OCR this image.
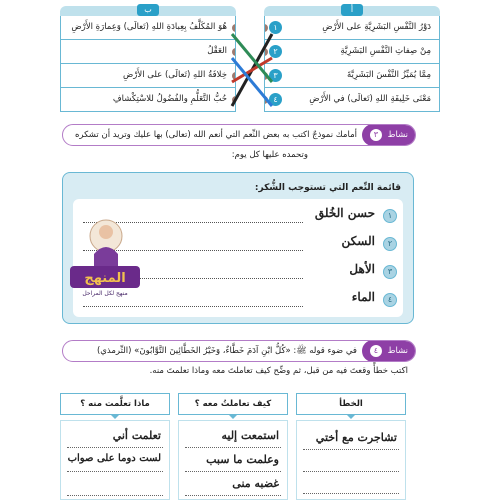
أ
دَوْرُ النَّفْسِ البَشَرِيَّةِ على الأَرْضِ
١
مِنْ صِفاتِ النَّفْسِ البَشَرِيَّةِ
٢
مِمَّا يُمَيِّزُ النَّفْسَ البَشَرِيَّةَ
٣
مَعْنَى خَلِيفَةِ اللهِ (تَعالَى) في الأَرْضِ
٤
ب
هُوَ المُكَلَّفُ بِعِبادَةِ اللهِ (تَعالَى) وَعِمارَةِ الأَرْضِ
العَقْلُ
خِلافَةُ اللهِ (تَعالَى) على الأَرْضِ
حُبُّ التَّعَلُّمِ والفُضُولُ للاسْتِكْشافِ
نشاط ٣
أمامك نموذجٌ اكتب به بعض النِّعم التي أنعم الله (تعالى) بها عليك وتريد أن تشكره
وتحمده عليها كل يوم:
قائمة النِّعم التي تستوجب الشُّكر:
١
حسن الخُلق
٢
السكن
٣
الأهل
٤
الماء
المنهج
منهج لكل المراحل
نشاط ٤
في ضوء قوله ﷺ: «كُلُّ ابْنِ آدَمَ خَطَّاءٌ، وَخَيْرُ الخَطَّائِينَ التَّوَّابُونَ» (التِّرمذي)
اكتب خطأً وقعتَ فيه من قبل، ثم وضِّح كيف تعاملتَ معه وماذا تعلمتَ منه.
الخطأ
كيف تعاملتُ معه ؟
ماذا تعلَّمت منه ؟
تشاجرت مع أختي
استمعت إليه
وعلمت ما سبب
غضبه منى
تعلمت أني
لست دوما على صواب
